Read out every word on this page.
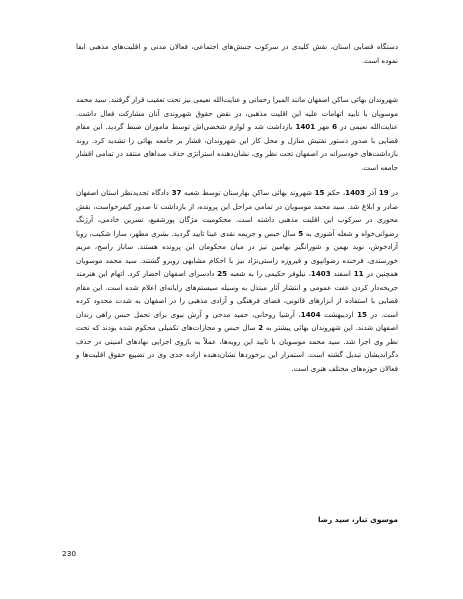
دستگاه قضایی استان، نقش کلیدی در سرکوب جنبش‌های اجتماعی، فعالان مدنی و اقلیت‌های مذهبی ایفا نموده است.

شهروندان بهائی ساکن اصفهان مانند المیرا رحمانی و عنایت‌الله نعیمی نیز تحت تعقیب قرار گرفتند. سید محمد موسویان با تایید اتهامات علیه این اقلیت مذهبی، در نقض حقوق شهروندی آنان مشارکت فعال داشت. عنایت‌الله نعیمی در 6 مهر 1401 بازداشت شد و لوازم شخصی‌اش توسط ماموران ضبط گردید. این مقام قضایی با صدور دستور تفتیش منازل و محل کار این شهروندان، فشار بر جامعه بهائی را تشدید کرد. روند بازداشت‌های خودسرانه در اصفهان تحت نظر وی، نشان‌دهنده استراتژی حذف صداهای منتقد در تمامی اقشار جامعه است.

در 19 آذر 1403، حکم 15 شهروند بهائی ساکن بهارستان توسط شعبه 37 دادگاه تجدیدنظر استان اصفهان صادر و ابلاغ شد. سید محمد موسویان در تمامی مراحل این پرونده، از بازداشت تا صدور کیفرخواست، نقش محوری در سرکوب این اقلیت مذهبی داشته است. محکومیت مژگان پورشفیع، نسرین خادمی، آرژنگ رضوانی‌خواه و شعله آشوری به 5 سال حبس و جریمه نقدی عینا تایید گردید. بشری مطهر، سارا شکیب، رویا آزادخوش، نوید بهمن و شورانگیز بهامین نیز در میان محکومان این پرونده هستند. ساناز راسخ، مریم خورسندی، فرخنده رضوانپوی و فیروزه راستی‌نژاد نیز با احکام مشابهی روبرو گشتند. سید محمد موسویان همچنین در 11 اسفند 1403، نیلوفر حکیمی را به شعبه 25 دادسرای اصفهان احضار کرد. اتهام این هنرمند جریحه‌دار کردن عفت عمومی و انتشار آثار مبتذل به وسیله سیستم‌های رایانه‌ای اعلام شده است. این مقام قضایی با استفاده از ابزارهای قانونی، فضای فرهنگی و آزادی مذهبی را در اصفهان به شدت محدود کرده است. در 15 اردیبهشت 1404، آرشیا روحانی، حمید مدحی و آرش نیوی برای تحمل حبس راهی زندان اصفهان شدند. این شهروندان بهائی پیشتر به 2 سال حبس و مجازات‌های تکمیلی محکوم شده بودند که تحت نظر وی اجرا شد. سید محمد موسویان با تایید این رویه‌ها، عملاً به بازوی اجرایی نهادهای امنیتی در حذف دگراندیشان تبدیل گشته است. استمرار این برخوردها نشان‌دهنده اراده جدی وی در تضییع حقوق اقلیت‌ها و فعالان حوزه‌های مختلف هنری است.

موسوی تبار، سید رضا

230
